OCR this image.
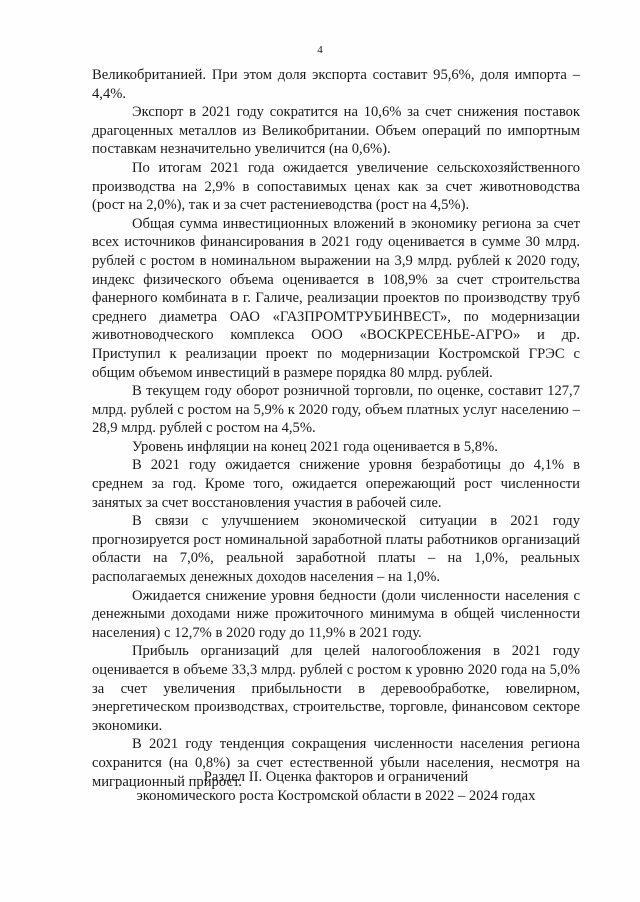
4

Великобританией. При этом доля экспорта составит 95,6%, доля импорта – 4,4%.

Экспорт в 2021 году сократится на 10,6% за счет снижения поставок драгоценных металлов из Великобритании. Объем операций по импортным поставкам незначительно увеличится (на 0,6%).

По итогам 2021 года ожидается увеличение сельскохозяйственного производства на 2,9% в сопоставимых ценах как за счет животноводства (рост на 2,0%), так и за счет растениеводства (рост на 4,5%).

Общая сумма инвестиционных вложений в экономику региона за счет всех источников финансирования в 2021 году оценивается в сумме 30 млрд. рублей с ростом в номинальном выражении на 3,9 млрд. рублей к 2020 году, индекс физического объема оценивается в 108,9% за счет строительства фанерного комбината в г. Галиче, реализации проектов по производству труб среднего диаметра ОАО «ГАЗПРОМТРУБИНВЕСТ», по модернизации животноводческого комплекса ООО «ВОСКРЕСЕНЬЕ-АГРО» и др. Приступил к реализации проект по модернизации Костромской ГРЭС с общим объемом инвестиций в размере порядка 80 млрд. рублей.

В текущем году оборот розничной торговли, по оценке, составит 127,7 млрд. рублей с ростом на 5,9% к 2020 году, объем платных услуг населению – 28,9 млрд. рублей с ростом на 4,5%.

Уровень инфляции на конец 2021 года оценивается в 5,8%.

В 2021 году ожидается снижение уровня безработицы до 4,1% в среднем за год. Кроме того, ожидается опережающий рост численности занятых за счет восстановления участия в рабочей силе.

В связи с улучшением экономической ситуации в 2021 году прогнозируется рост номинальной заработной платы работников организаций области на 7,0%, реальной заработной платы – на 1,0%, реальных располагаемых денежных доходов населения – на 1,0%.

Ожидается снижение уровня бедности (доли численности населения с денежными доходами ниже прожиточного минимума в общей численности населения) с 12,7% в 2020 году до 11,9% в 2021 году.

Прибыль организаций для целей налогообложения в 2021 году оценивается в объеме 33,3 млрд. рублей с ростом к уровню 2020 года на 5,0% за счет увеличения прибыльности в деревообработке, ювелирном, энергетическом производствах, строительстве, торговле, финансовом секторе экономики.

В 2021 году тенденция сокращения численности населения региона сохранится (на 0,8%) за счет естественной убыли населения, несмотря на миграционный прирост.

Раздел II. Оценка факторов и ограничений
экономического роста Костромской области в 2022 – 2024 годах
